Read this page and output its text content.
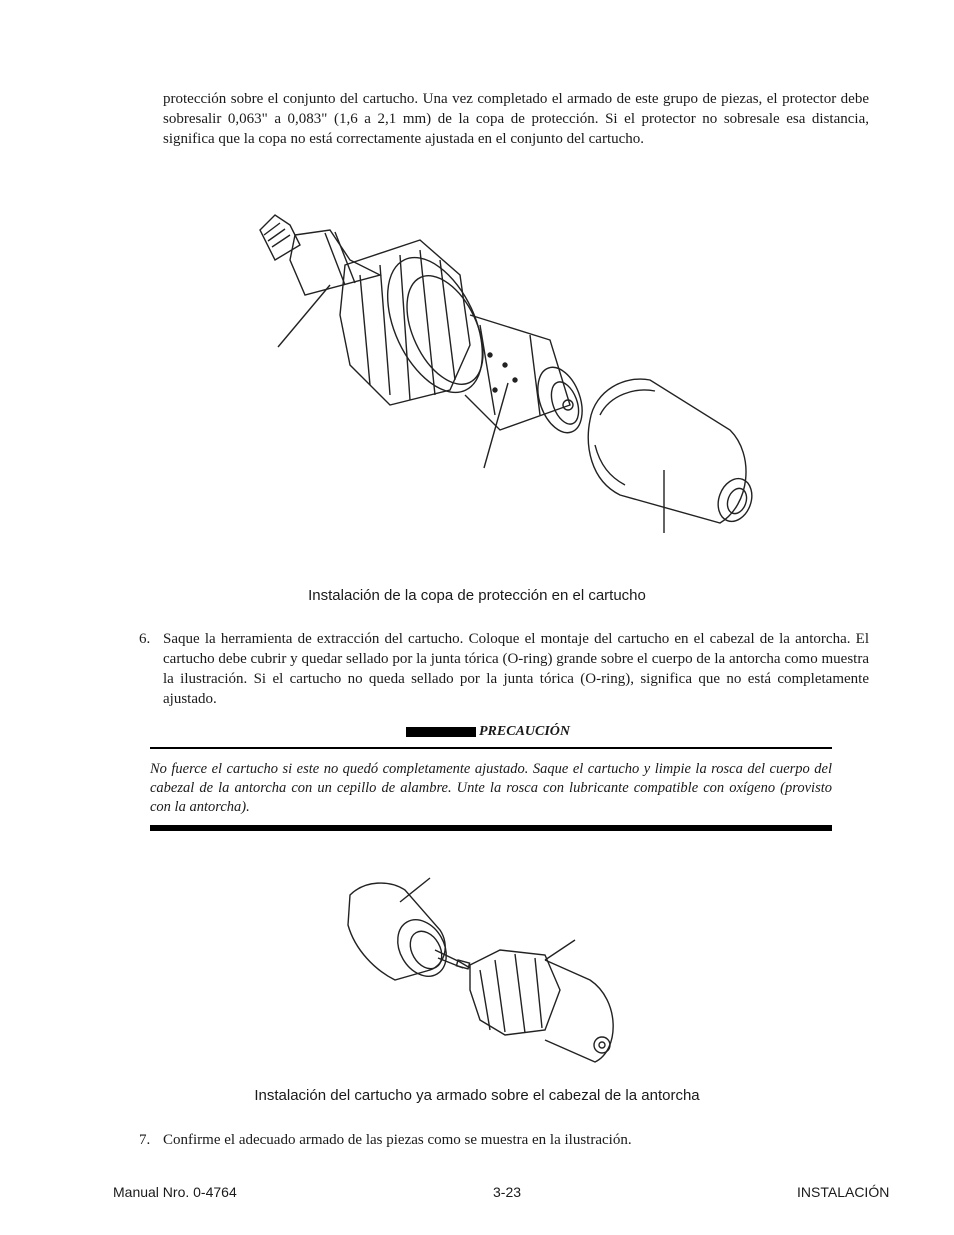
protección sobre el conjunto del cartucho. Una vez completado el armado de este grupo de piezas, el protector debe sobresalir 0,063" a 0,083" (1,6 a 2,1 mm) de la copa de protección. Si el protector no sobresale esa distancia, significa que la copa no está correctamente ajustada en el conjunto del cartucho.
Instalación de la copa de protección en el cartucho
6. Saque la herramienta de extracción del cartucho. Coloque el montaje del cartucho en el cabezal de la antorcha. El cartucho debe cubrir y quedar sellado por la junta tórica (O-ring) grande sobre el cuerpo de la antorcha como muestra la ilustración. Si el cartucho no queda sellado por la junta tórica (O-ring), significa que no está completamente ajustado.
PRECAUCIÓN
No fuerce el cartucho si este no quedó completamente ajustado. Saque el cartucho y limpie la rosca del cuerpo del cabezal de la antorcha con un cepillo de alambre. Unte la rosca con lubricante compatible con oxígeno (provisto con la antorcha).
Instalación del cartucho ya armado sobre el cabezal de la antorcha
7. Confirme el adecuado armado de las piezas como se muestra en la ilustración.
Manual Nro. 0-4764	3-23	INSTALACIÓN
